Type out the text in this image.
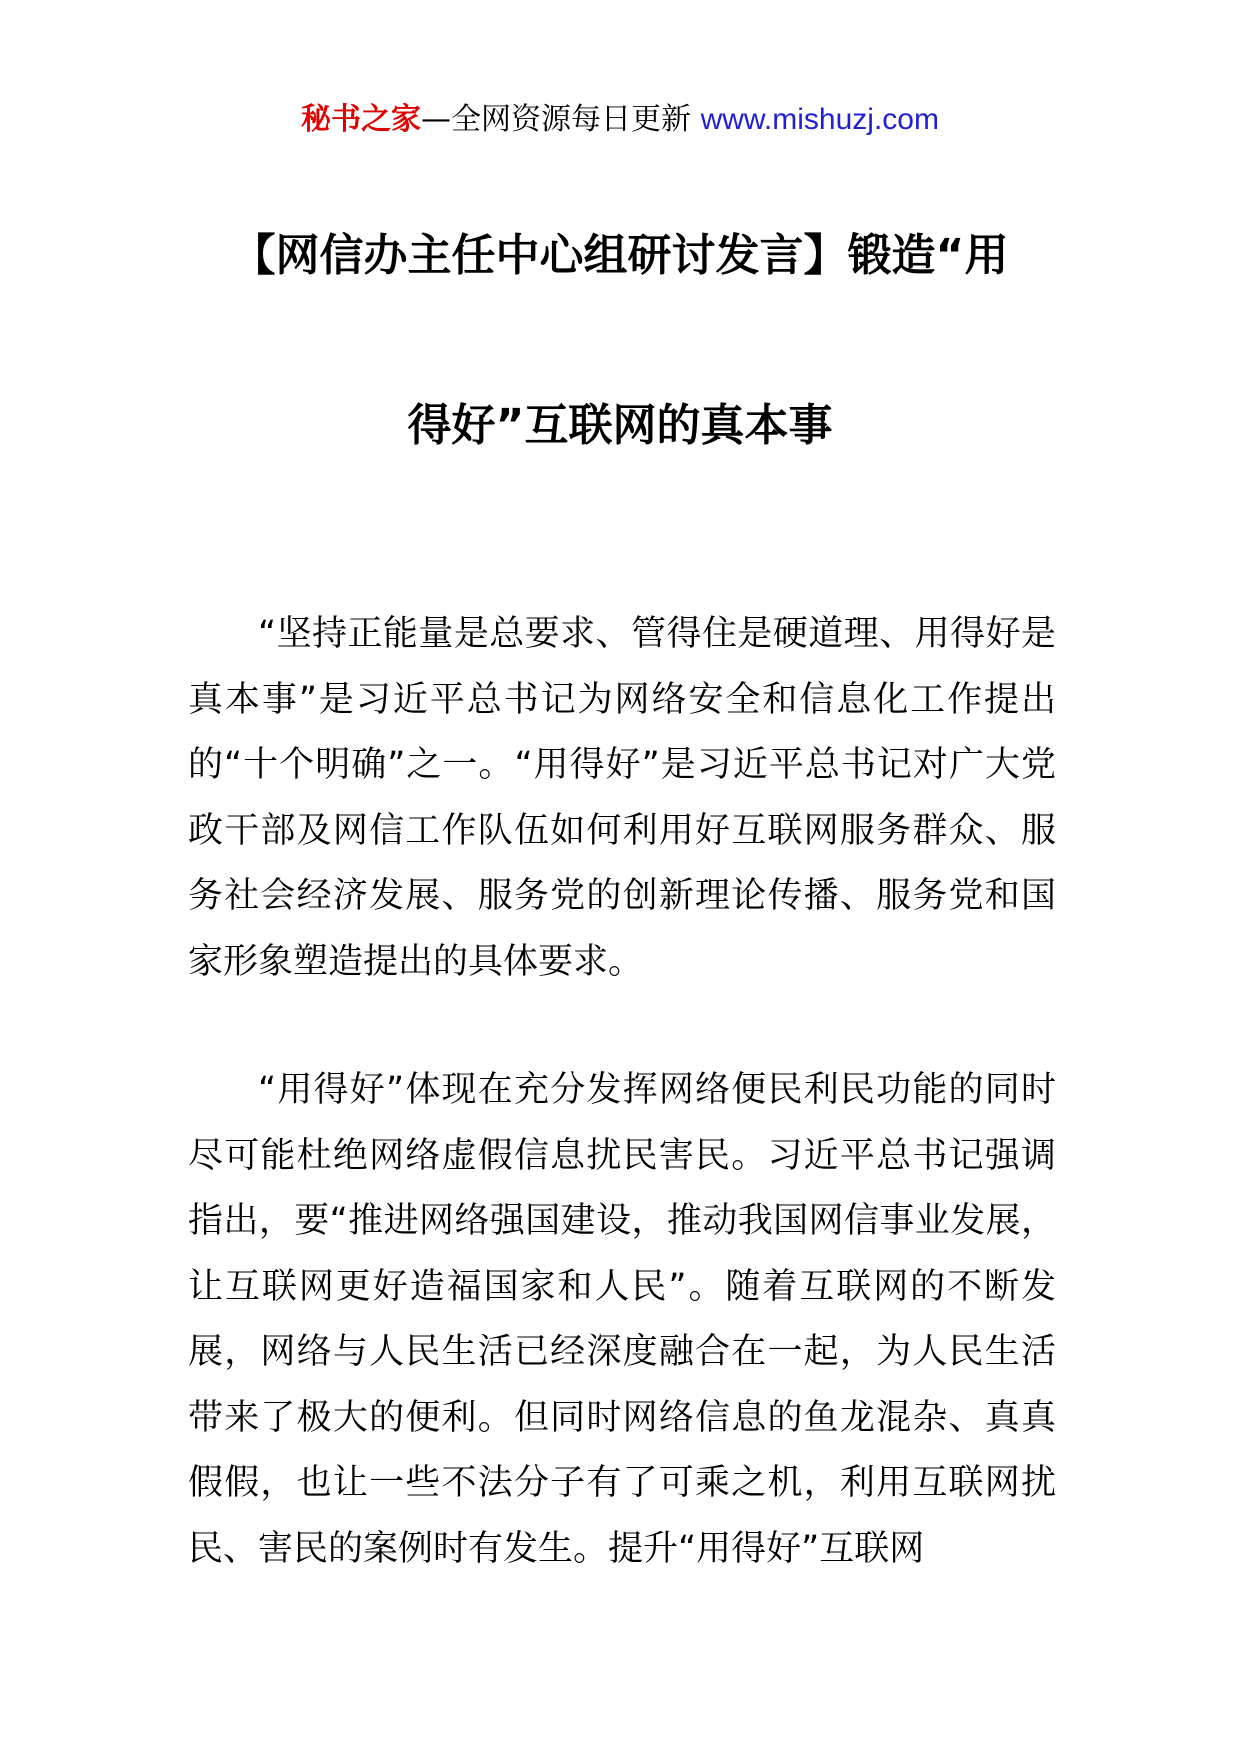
秘书之家—全网资源每日更新 www.mishuzj.com
【网信办主任中心组研讨发言】锻造“用
得好”互联网的真本事

“坚持正能量是总要求、管得住是硬道理、用得好是真本事”是习近平总书记为网络安全和信息化工作提出的“十个明确”之一。“用得好”是习近平总书记对广大党政干部及网信工作队伍如何利用好互联网服务群众、服务社会经济发展、服务党的创新理论传播、服务党和国家形象塑造提出的具体要求。

“用得好”体现在充分发挥网络便民利民功能的同时尽可能杜绝网络虚假信息扰民害民。习近平总书记强调指出，要“推进网络强国建设，推动我国网信事业发展，让互联网更好造福国家和人民”。随着互联网的不断发展，网络与人民生活已经深度融合在一起，为人民生活带来了极大的便利。但同时网络信息的鱼龙混杂、真真假假，也让一些不法分子有了可乘之机，利用互联网扰民、害民的案例时有发生。提升“用得好”互联网
